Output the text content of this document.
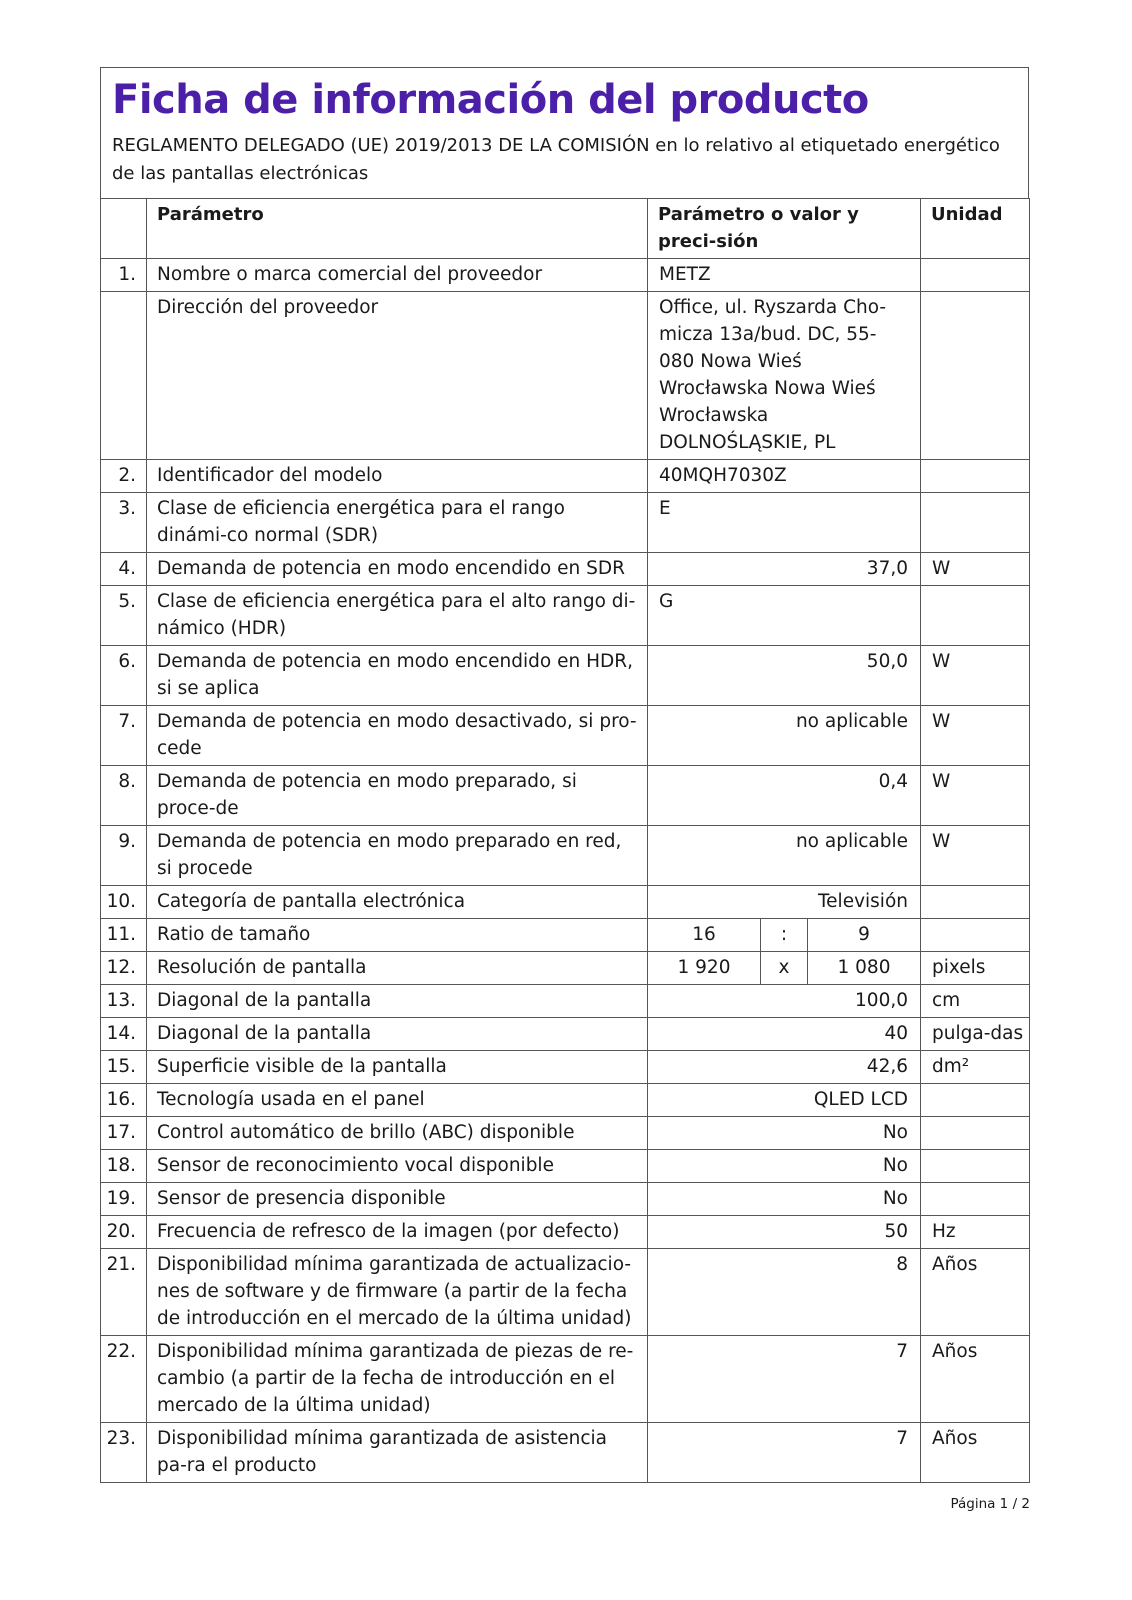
Ficha de información del producto

REGLAMENTO DELEGADO (UE) 2019/2013 DE LA COMISIÓN en lo relativo al etiquetado energético de las pantallas electrónicas

	Parámetro	Parámetro o valor y preci-sión			Unidad
1.	Nombre o marca comercial del proveedor	METZ			
	Dirección del proveedor	Office, ul. Ryszarda Cho-micza 13a/bud. DC, 55-080 Nowa Wieś Wrocławska Nowa Wieś Wrocławska DOLNOŚLĄSKIE, PL			
2.	Identificador del modelo	40MQH7030Z			
3.	Clase de eficiencia energética para el rango dinámi-co normal (SDR)	E			
4.	Demanda de potencia en modo encendido en SDR	37,0			W
5.	Clase de eficiencia energética para el alto rango di-námico (HDR)	G			
6.	Demanda de potencia en modo encendido en HDR, si se aplica	50,0			W
7.	Demanda de potencia en modo desactivado, si pro-cede	no aplicable			W
8.	Demanda de potencia en modo preparado, si proce-de	0,4			W
9.	Demanda de potencia en modo preparado en red, si procede	no aplicable			W
10.	Categoría de pantalla electrónica	Televisión			
11.	Ratio de tamaño	16	:	9	
12.	Resolución de pantalla	1 920	x	1 080	pixels
13.	Diagonal de la pantalla	100,0			cm
14.	Diagonal de la pantalla	40			pulga-das
15.	Superficie visible de la pantalla	42,6			dm²
16.	Tecnología usada en el panel	QLED LCD			
17.	Control automático de brillo (ABC) disponible	No			
18.	Sensor de reconocimiento vocal disponible	No			
19.	Sensor de presencia disponible	No			
20.	Frecuencia de refresco de la imagen (por defecto)	50			Hz
21.	Disponibilidad mínima garantizada de actualizacio-nes de software y de firmware (a partir de la fecha de introducción en el mercado de la última unidad)	8			Años
22.	Disponibilidad mínima garantizada de piezas de re-cambio (a partir de la fecha de introducción en el mercado de la última unidad)	7			Años
23.	Disponibilidad mínima garantizada de asistencia pa-ra el producto	7			Años
Página 1 / 2
